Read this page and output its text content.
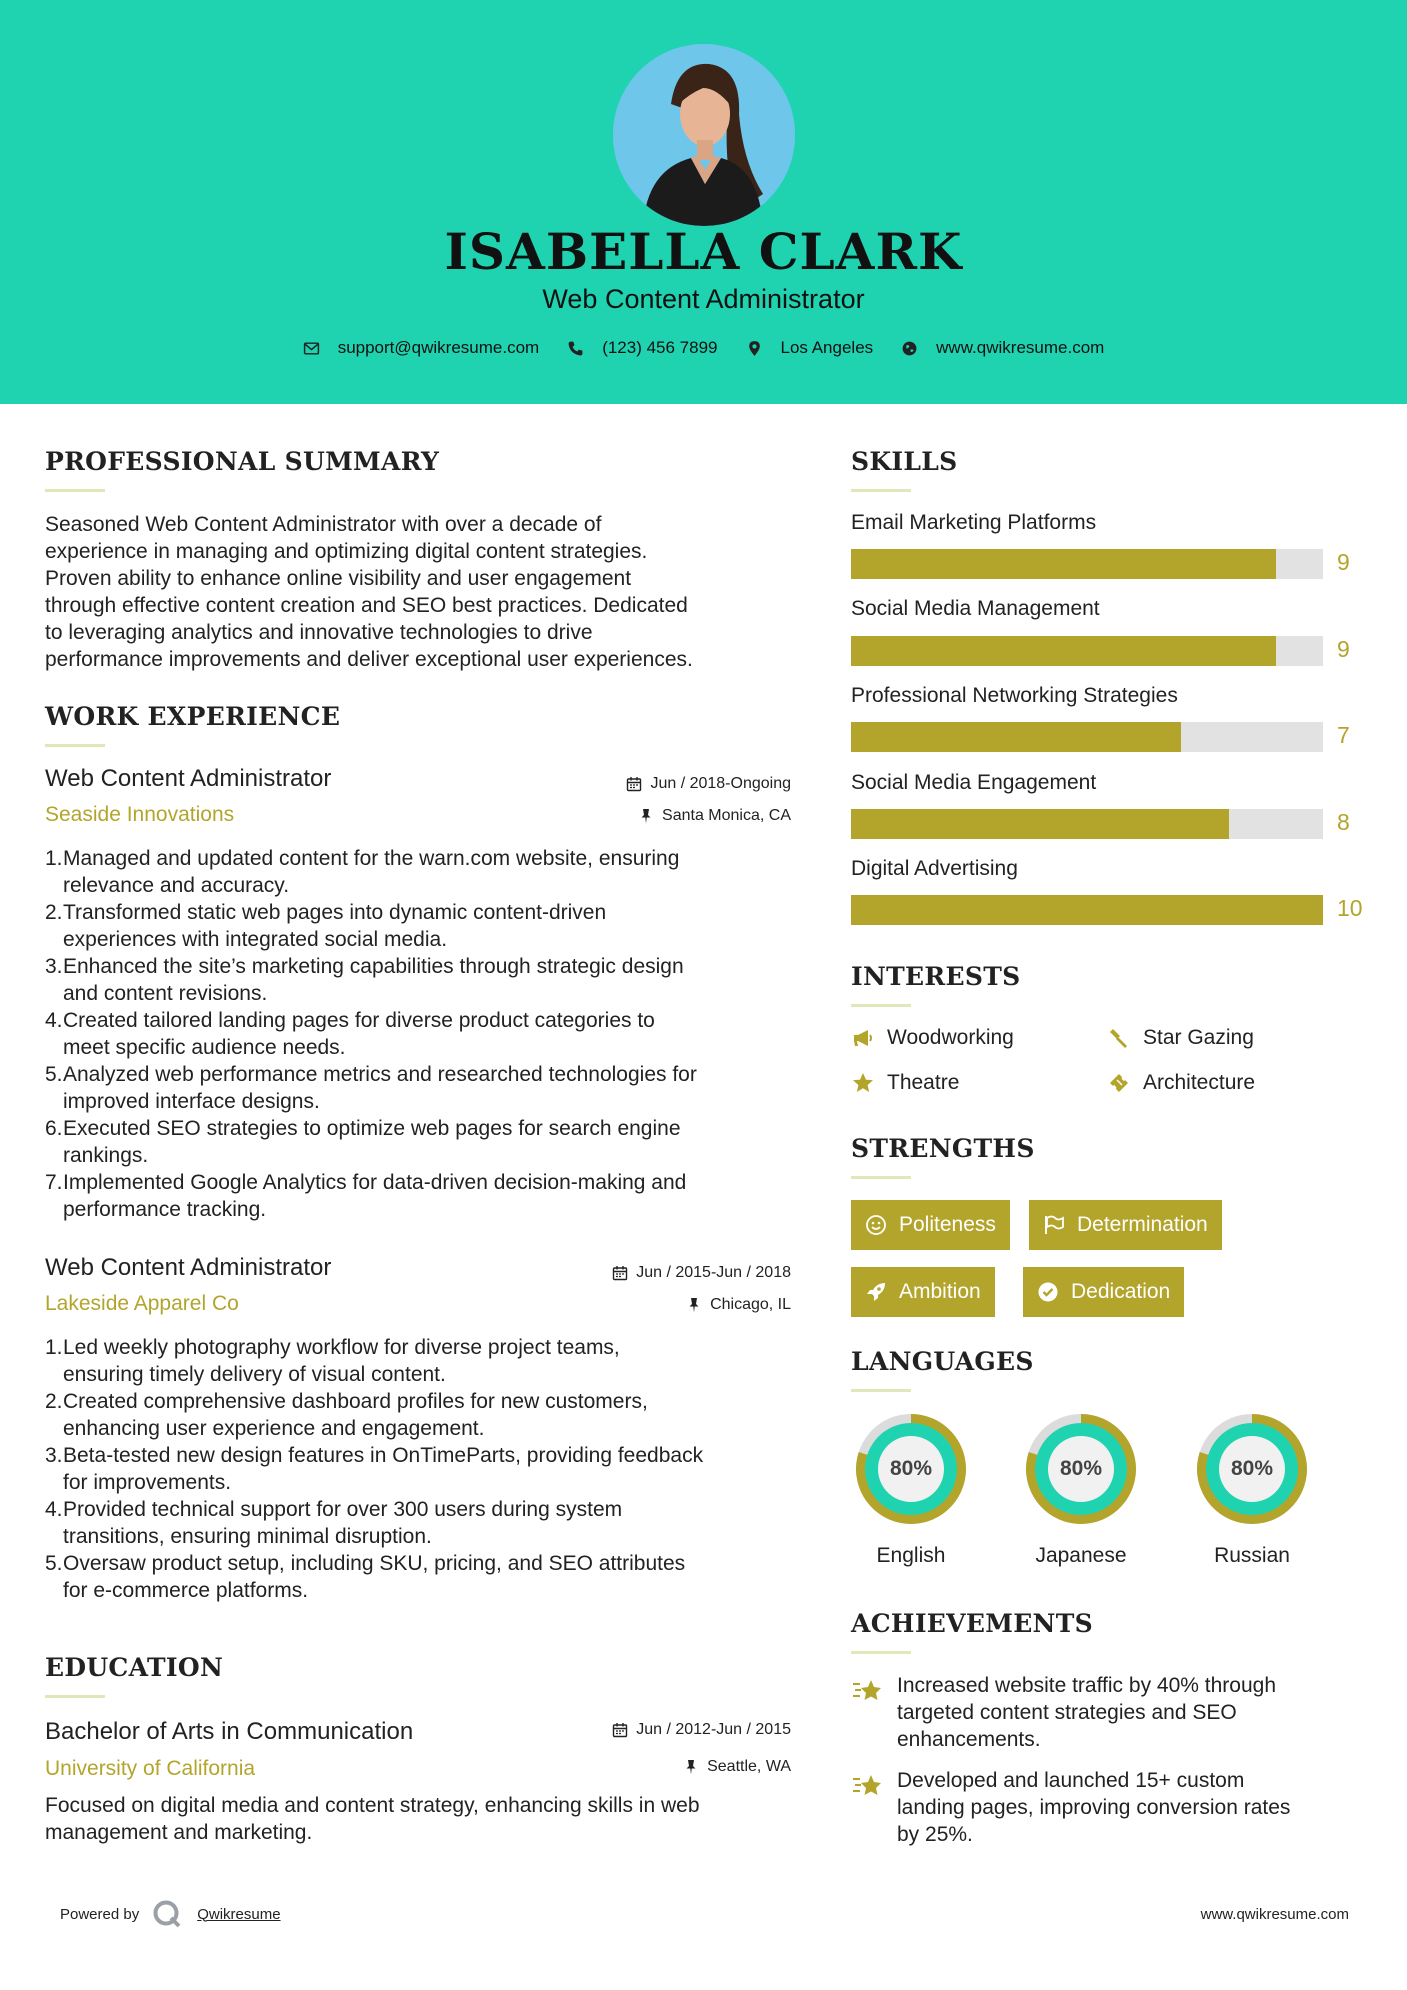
ISABELLA CLARK
Web Content Administrator
support@qwikresume.com	(123) 456 7899	Los Angeles	www.qwikresume.com
PROFESSIONAL SUMMARY
Seasoned Web Content Administrator with over a decade of
experience in managing and optimizing digital content strategies.
Proven ability to enhance online visibility and user engagement
through effective content creation and SEO best practices. Dedicated
to leveraging analytics and innovative technologies to drive
performance improvements and deliver exceptional user experiences.
WORK EXPERIENCE
Web Content Administrator	Jun / 2018-Ongoing
Seaside Innovations	Santa Monica, CA
1. Managed and updated content for the warn.com website, ensuring
relevance and accuracy.
2. Transformed static web pages into dynamic content-driven
experiences with integrated social media.
3. Enhanced the site’s marketing capabilities through strategic design
and content revisions.
4. Created tailored landing pages for diverse product categories to
meet specific audience needs.
5. Analyzed web performance metrics and researched technologies for
improved interface designs.
6. Executed SEO strategies to optimize web pages for search engine
rankings.
7. Implemented Google Analytics for data-driven decision-making and
performance tracking.
Web Content Administrator	Jun / 2015-Jun / 2018
Lakeside Apparel Co	Chicago, IL
1. Led weekly photography workflow for diverse project teams,
ensuring timely delivery of visual content.
2. Created comprehensive dashboard profiles for new customers,
enhancing user experience and engagement.
3. Beta-tested new design features in OnTimeParts, providing feedback
for improvements.
4. Provided technical support for over 300 users during system
transitions, ensuring minimal disruption.
5. Oversaw product setup, including SKU, pricing, and SEO attributes
for e-commerce platforms.
EDUCATION
Bachelor of Arts in Communication	Jun / 2012-Jun / 2015
University of California	Seattle, WA
Focused on digital media and content strategy, enhancing skills in web
management and marketing.
SKILLS
Email Marketing Platforms
9
Social Media Management
9
Professional Networking Strategies
7
Social Media Engagement
8
Digital Advertising
10
INTERESTS
Woodworking	Star Gazing
Theatre	Architecture
STRENGTHS
Politeness	Determination
Ambition	Dedication
LANGUAGES
80%
English
80%
Japanese
80%
Russian
ACHIEVEMENTS
Increased website traffic by 40% through
targeted content strategies and SEO
enhancements.
Developed and launched 15+ custom
landing pages, improving conversion rates
by 25%.
Powered by	Qwikresume	www.qwikresume.com
